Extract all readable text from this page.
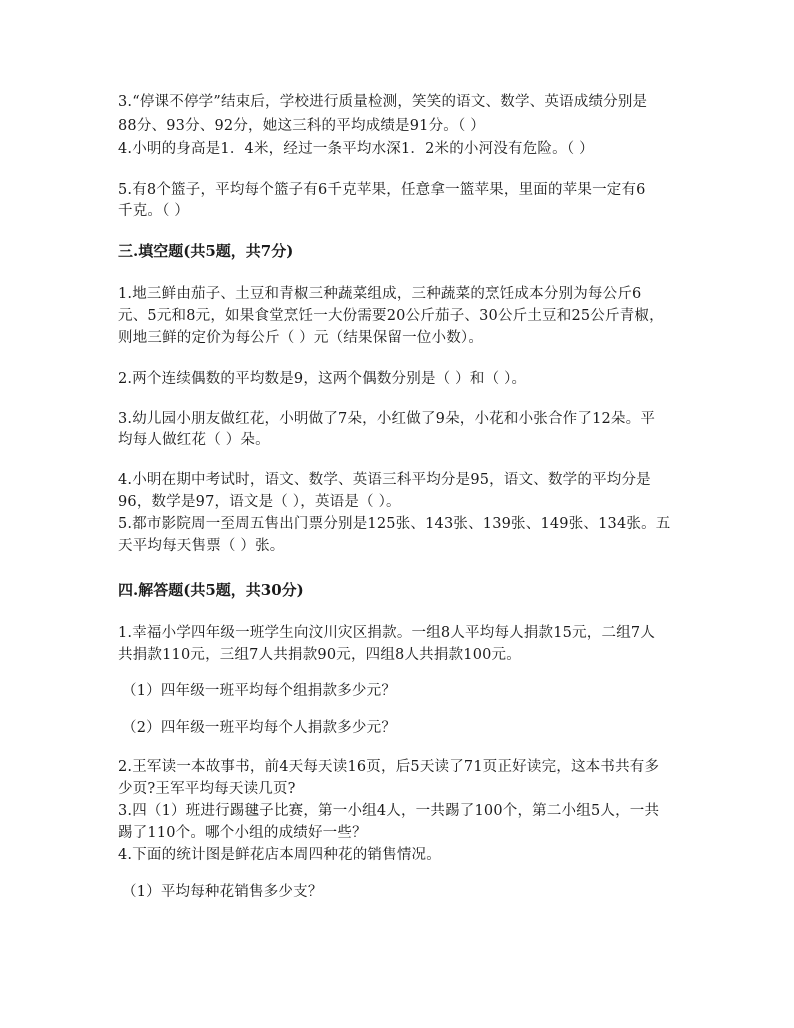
3.“停课不停学”结束后，学校进行质量检测，笑笑的语文、数学、英语成绩分别是
88分、93分、92分，她这三科的平均成绩是91分。（ ）
4.小明的身高是1．4米，经过一条平均水深1．2米的小河没有危险。（ ）
5.有8个篮子，平均每个篮子有6千克苹果，任意拿一篮苹果，里面的苹果一定有6
千克。（ ）
三.填空题(共5题，共7分)
1.地三鲜由茄子、土豆和青椒三种蔬菜组成，三种蔬菜的烹饪成本分别为每公斤6
元、5元和8元，如果食堂烹饪一大份需要20公斤茄子、30公斤土豆和25公斤青椒，
则地三鲜的定价为每公斤（ ）元（结果保留一位小数）。
2.两个连续偶数的平均数是9，这两个偶数分别是（ ）和（ ）。
3.幼儿园小朋友做红花，小明做了7朵，小红做了9朵，小花和小张合作了12朵。平
均每人做红花（ ）朵。
4.小明在期中考试时，语文、数学、英语三科平均分是95，语文、数学的平均分是
96，数学是97，语文是（ ），英语是（ ）。
5.都市影院周一至周五售出门票分别是125张、143张、139张、149张、134张。五
天平均每天售票（ ）张。
四.解答题(共5题，共30分)
1.幸福小学四年级一班学生向汶川灾区捐款。一组8人平均每人捐款15元，二组7人
共捐款110元，三组7人共捐款90元，四组8人共捐款100元。
（1）四年级一班平均每个组捐款多少元？
（2）四年级一班平均每个人捐款多少元？
2.王军读一本故事书，前4天每天读16页，后5天读了71页正好读完，这本书共有多
少页?王军平均每天读几页?
3.四（1）班进行踢毽子比赛，第一小组4人，一共踢了100个，第二小组5人，一共
踢了110个。哪个小组的成绩好一些？
4.下面的统计图是鲜花店本周四种花的销售情况。
（1）平均每种花销售多少支？
